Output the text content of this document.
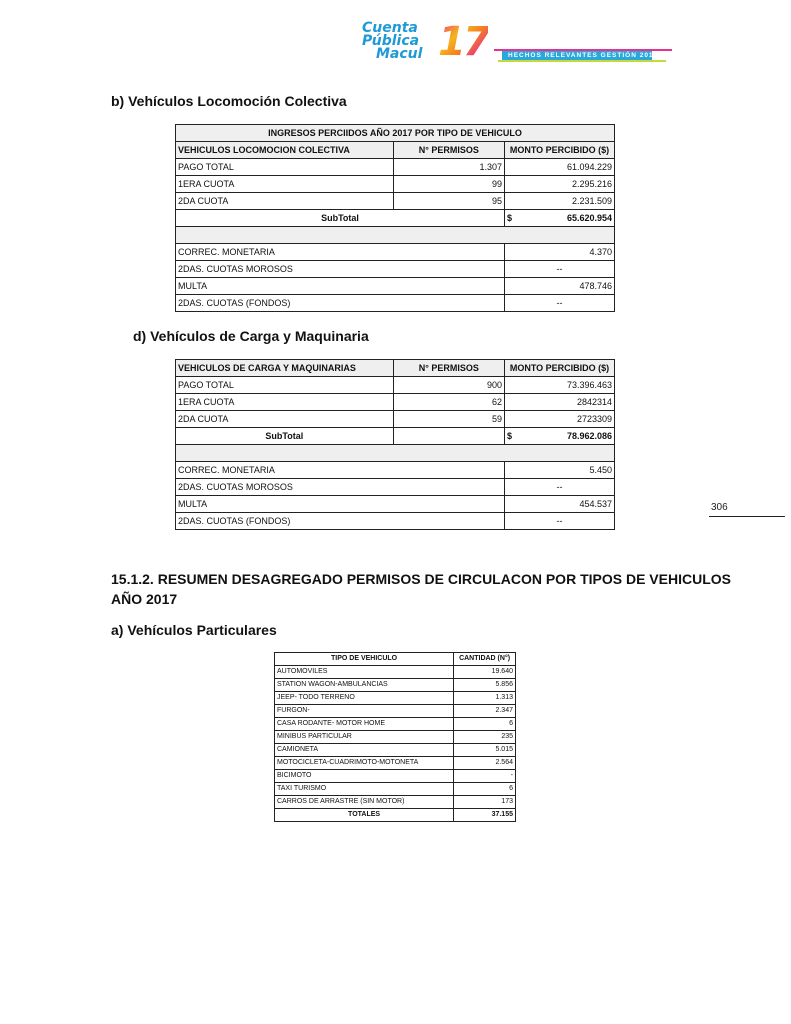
Cuenta
Pública
Macul 17	HECHOS RELEVANTES GESTIÓN 2017
b) Vehículos Locomoción Colectiva
INGRESOS PERCIIDOS AÑO 2017 POR TIPO DE VEHICULO		
VEHICULOS LOCOMOCION COLECTIVA	N° PERMISOS	MONTO PERCIBIDO ($)
PAGO TOTAL	1.307	61.094.229
1ERA CUOTA	99	2.295.216
2DA CUOTA	95	2.231.509
SubTotal		$ 65.620.954

CORREC. MONETARIA		4.370
2DAS. CUOTAS MOROSOS		--
MULTA		478.746
2DAS. CUOTAS (FONDOS)		--
d) Vehículos de Carga y Maquinaria
VEHICULOS DE CARGA Y MAQUINARIAS	N° PERMISOS	MONTO PERCIBIDO ($)
PAGO TOTAL	900	73.396.463
1ERA CUOTA	62	2842314
2DA CUOTA	59	2723309
SubTotal		$ 78.962.086

CORREC. MONETARIA		5.450
2DAS. CUOTAS MOROSOS		--
MULTA		454.537
2DAS. CUOTAS (FONDOS)		--
306
15.1.2. RESUMEN DESAGREGADO PERMISOS DE CIRCULACON POR TIPOS DE VEHICULOS
AÑO 2017
a) Vehículos Particulares
TIPO DE VEHICULO	CANTIDAD (N°)
AUTOMOVILES	19.640
STATION WAGON-AMBULANCIAS	5.856
JEEP- TODO TERRENO	1.313
FURGON-	2.347
CASA RODANTE- MOTOR HOME	6
MINIBUS PARTICULAR	235
CAMIONETA	5.015
MOTOCICLETA-CUADRIMOTO-MOTONETA	2.564
BICIMOTO	-
TAXI TURISMO	6
CARROS DE ARRASTRE (SIN MOTOR)	173
TOTALES	37.155
